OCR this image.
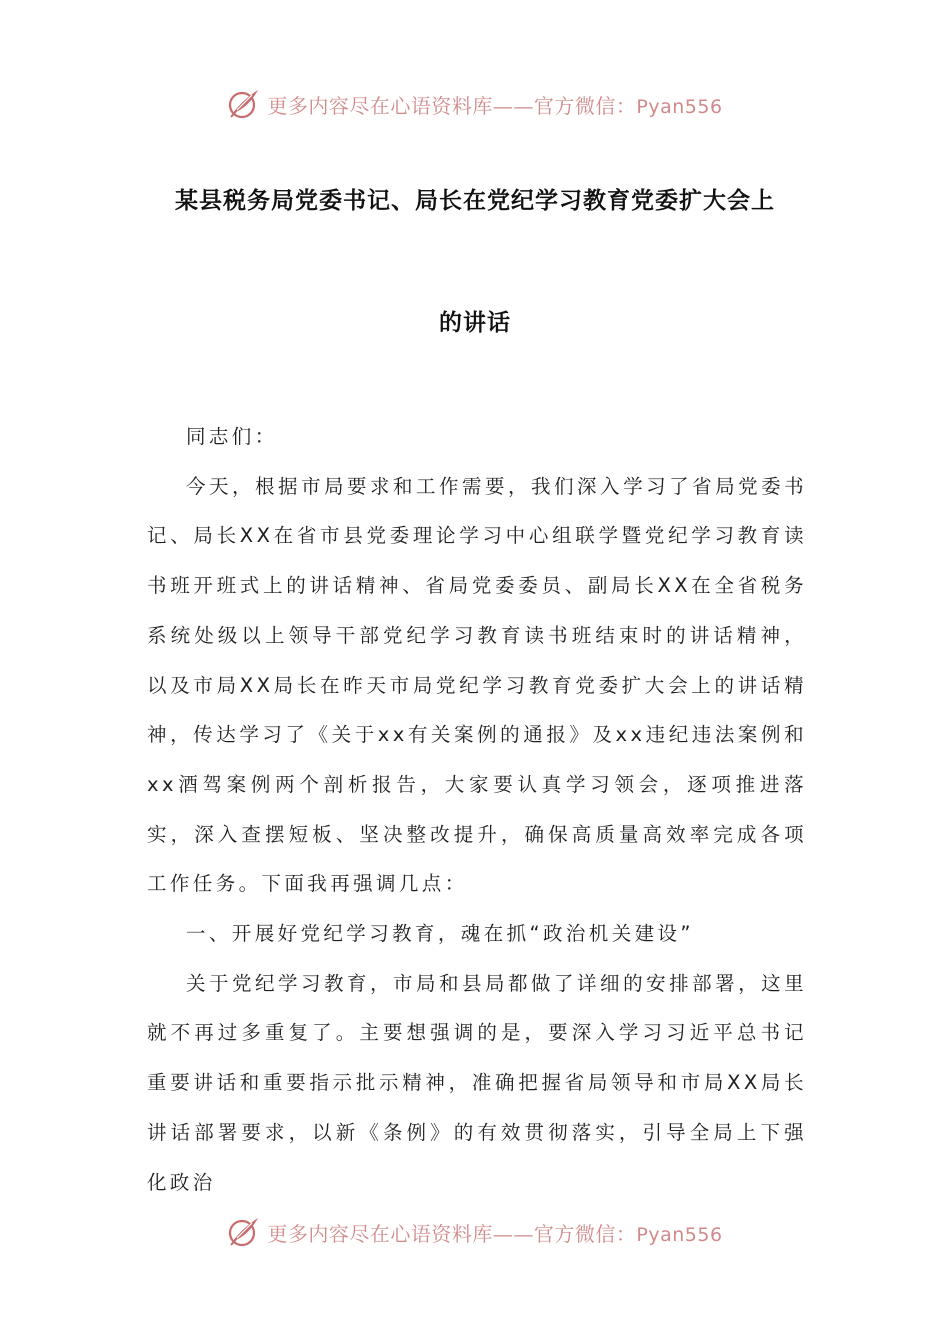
更多内容尽在心语资料库——官方微信：Pyan556
某县税务局党委书记、局长在党纪学习教育党委扩大会上
的讲话

同志们：

今天，根据市局要求和工作需要，我们深入学习了省局党委书记、局长XX在省市县党委理论学习中心组联学暨党纪学习教育读书班开班式上的讲话精神、省局党委委员、副局长XX在全省税务系统处级以上领导干部党纪学习教育读书班结束时的讲话精神，以及市局XX局长在昨天市局党纪学习教育党委扩大会上的讲话精神，传达学习了《关于xx有关案例的通报》及xx违纪违法案例和xx酒驾案例两个剖析报告，大家要认真学习领会，逐项推进落实，深入查摆短板、坚决整改提升，确保高质量高效率完成各项工作任务。下面我再强调几点：

一、开展好党纪学习教育，魂在抓“政治机关建设”

关于党纪学习教育，市局和县局都做了详细的安排部署，这里就不再过多重复了。主要想强调的是，要深入学习习近平总书记重要讲话和重要指示批示精神，准确把握省局领导和市局XX局长讲话部署要求，以新《条例》的有效贯彻落实，引导全局上下强化政治

更多内容尽在心语资料库——官方微信：Pyan556
